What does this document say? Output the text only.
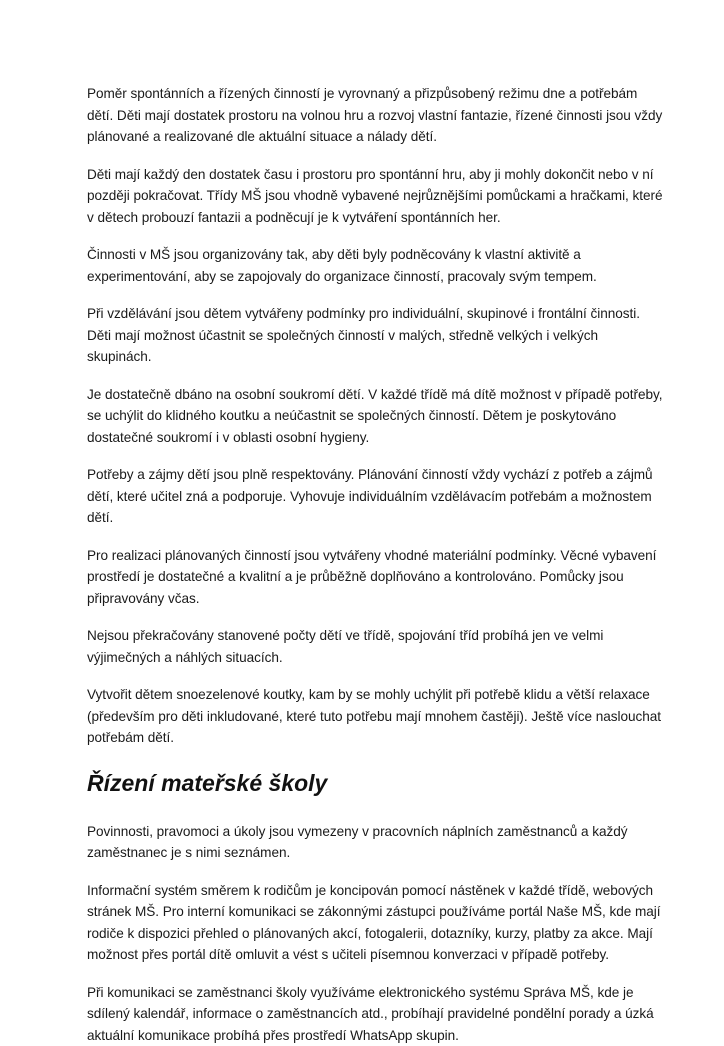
Poměr spontánních a řízených činností je vyrovnaný a přizpůsobený režimu dne a potřebám dětí. Děti mají dostatek prostoru na volnou hru a rozvoj vlastní fantazie, řízené činnosti jsou vždy plánované a realizované dle aktuální situace a nálady dětí.

Děti mají každý den dostatek času i prostoru pro spontánní hru, aby ji mohly dokončit nebo v ní později pokračovat. Třídy MŠ jsou vhodně vybavené nejrůznějšími pomůckami a hračkami, které v dětech probouzí fantazii a podněcují je k vytváření spontánních her.

Činnosti v MŠ jsou organizovány tak, aby děti byly podněcovány k vlastní aktivitě a experimentování, aby se zapojovaly do organizace činností, pracovaly svým tempem.

Při vzdělávání jsou dětem vytvářeny podmínky pro individuální, skupinové i frontální činnosti. Děti mají možnost účastnit se společných činností v malých, středně velkých i velkých skupinách.

Je dostatečně dbáno na osobní soukromí dětí. V každé třídě má dítě možnost v případě potřeby, se uchýlit do klidného koutku a neúčastnit se společných činností. Dětem je poskytováno dostatečné soukromí i v oblasti osobní hygieny.

Potřeby a zájmy dětí jsou plně respektovány. Plánování činností vždy vychází z potřeb a zájmů dětí, které učitel zná a podporuje. Vyhovuje individuálním vzdělávacím potřebám a možnostem dětí.

Pro realizaci plánovaných činností jsou vytvářeny vhodné materiální podmínky. Věcné vybavení prostředí je dostatečné a kvalitní a je průběžně doplňováno a kontrolováno. Pomůcky jsou připravovány včas.

Nejsou překračovány stanovené počty dětí ve třídě, spojování tříd probíhá jen ve velmi výjimečných a náhlých situacích.

Vytvořit dětem snoezelenové koutky, kam by se mohly uchýlit při potřebě klidu a větší relaxace (především pro děti inkludované, které tuto potřebu mají mnohem častěji). Ještě více naslouchat potřebám dětí.

Řízení mateřské školy

Povinnosti, pravomoci a úkoly jsou vymezeny v pracovních náplních zaměstnanců a každý zaměstnanec je s nimi seznámen.

Informační systém směrem k rodičům je koncipován pomocí nástěnek v každé třídě, webových stránek MŠ. Pro interní komunikaci se zákonnými zástupci používáme portál Naše MŠ, kde mají rodiče k dispozici přehled o plánovaných akcí, fotogalerii, dotazníky, kurzy, platby za akce. Mají možnost přes portál dítě omluvit a vést s učiteli písemnou konverzaci v případě potřeby.

Při komunikaci se zaměstnanci školy využíváme elektronického systému Správa MŠ, kde je sdílený kalendář, informace o zaměstnancích atd., probíhají pravidelné pondělní porady a úzká aktuální komunikace probíhá přes prostředí WhatsApp skupin.
